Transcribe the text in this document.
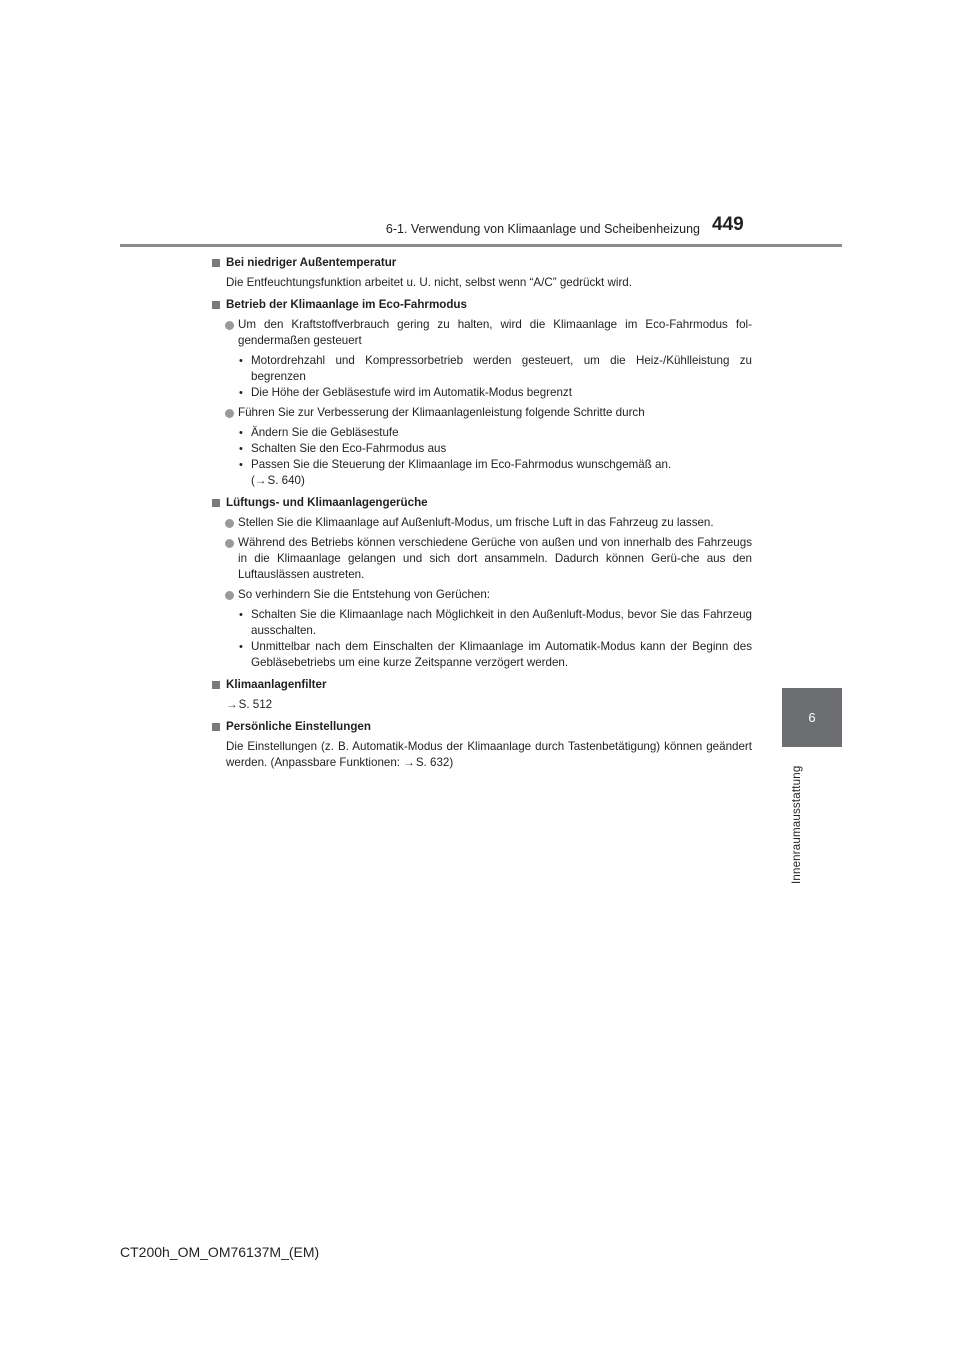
6-1. Verwendung von Klimaanlage und Scheibenheizung 449
6
Innenraumausstattung
Bei niedriger Außentemperatur
Die Entfeuchtungsfunktion arbeitet u. U. nicht, selbst wenn “A/C” gedrückt wird.
Betrieb der Klimaanlage im Eco-Fahrmodus
Um den Kraftstoffverbrauch gering zu halten, wird die Klimaanlage im Eco-Fahrmodus fol-gendermaßen gesteuert
• Motordrehzahl und Kompressorbetrieb werden gesteuert, um die Heiz-/Kühlleistung zu begrenzen
• Die Höhe der Gebläsestufe wird im Automatik-Modus begrenzt
Führen Sie zur Verbesserung der Klimaanlagenleistung folgende Schritte durch
• Ändern Sie die Gebläsestufe
• Schalten Sie den Eco-Fahrmodus aus
• Passen Sie die Steuerung der Klimaanlage im Eco-Fahrmodus wunschgemäß an.
(→S. 640)
Lüftungs- und Klimaanlagengerüche
Stellen Sie die Klimaanlage auf Außenluft-Modus, um frische Luft in das Fahrzeug zu lassen.
Während des Betriebs können verschiedene Gerüche von außen und von innerhalb des Fahrzeugs in die Klimaanlage gelangen und sich dort ansammeln. Dadurch können Gerü-che aus den Luftauslässen austreten.
So verhindern Sie die Entstehung von Gerüchen:
• Schalten Sie die Klimaanlage nach Möglichkeit in den Außenluft-Modus, bevor Sie das Fahrzeug ausschalten.
• Unmittelbar nach dem Einschalten der Klimaanlage im Automatik-Modus kann der Beginn des Gebläsebetriebs um eine kurze Zeitspanne verzögert werden.
Klimaanlagenfilter
→S. 512
Persönliche Einstellungen
Die Einstellungen (z. B. Automatik-Modus der Klimaanlage durch Tastenbetätigung) können geändert werden. (Anpassbare Funktionen: →S. 632)
CT200h_OM_OM76137M_(EM)
